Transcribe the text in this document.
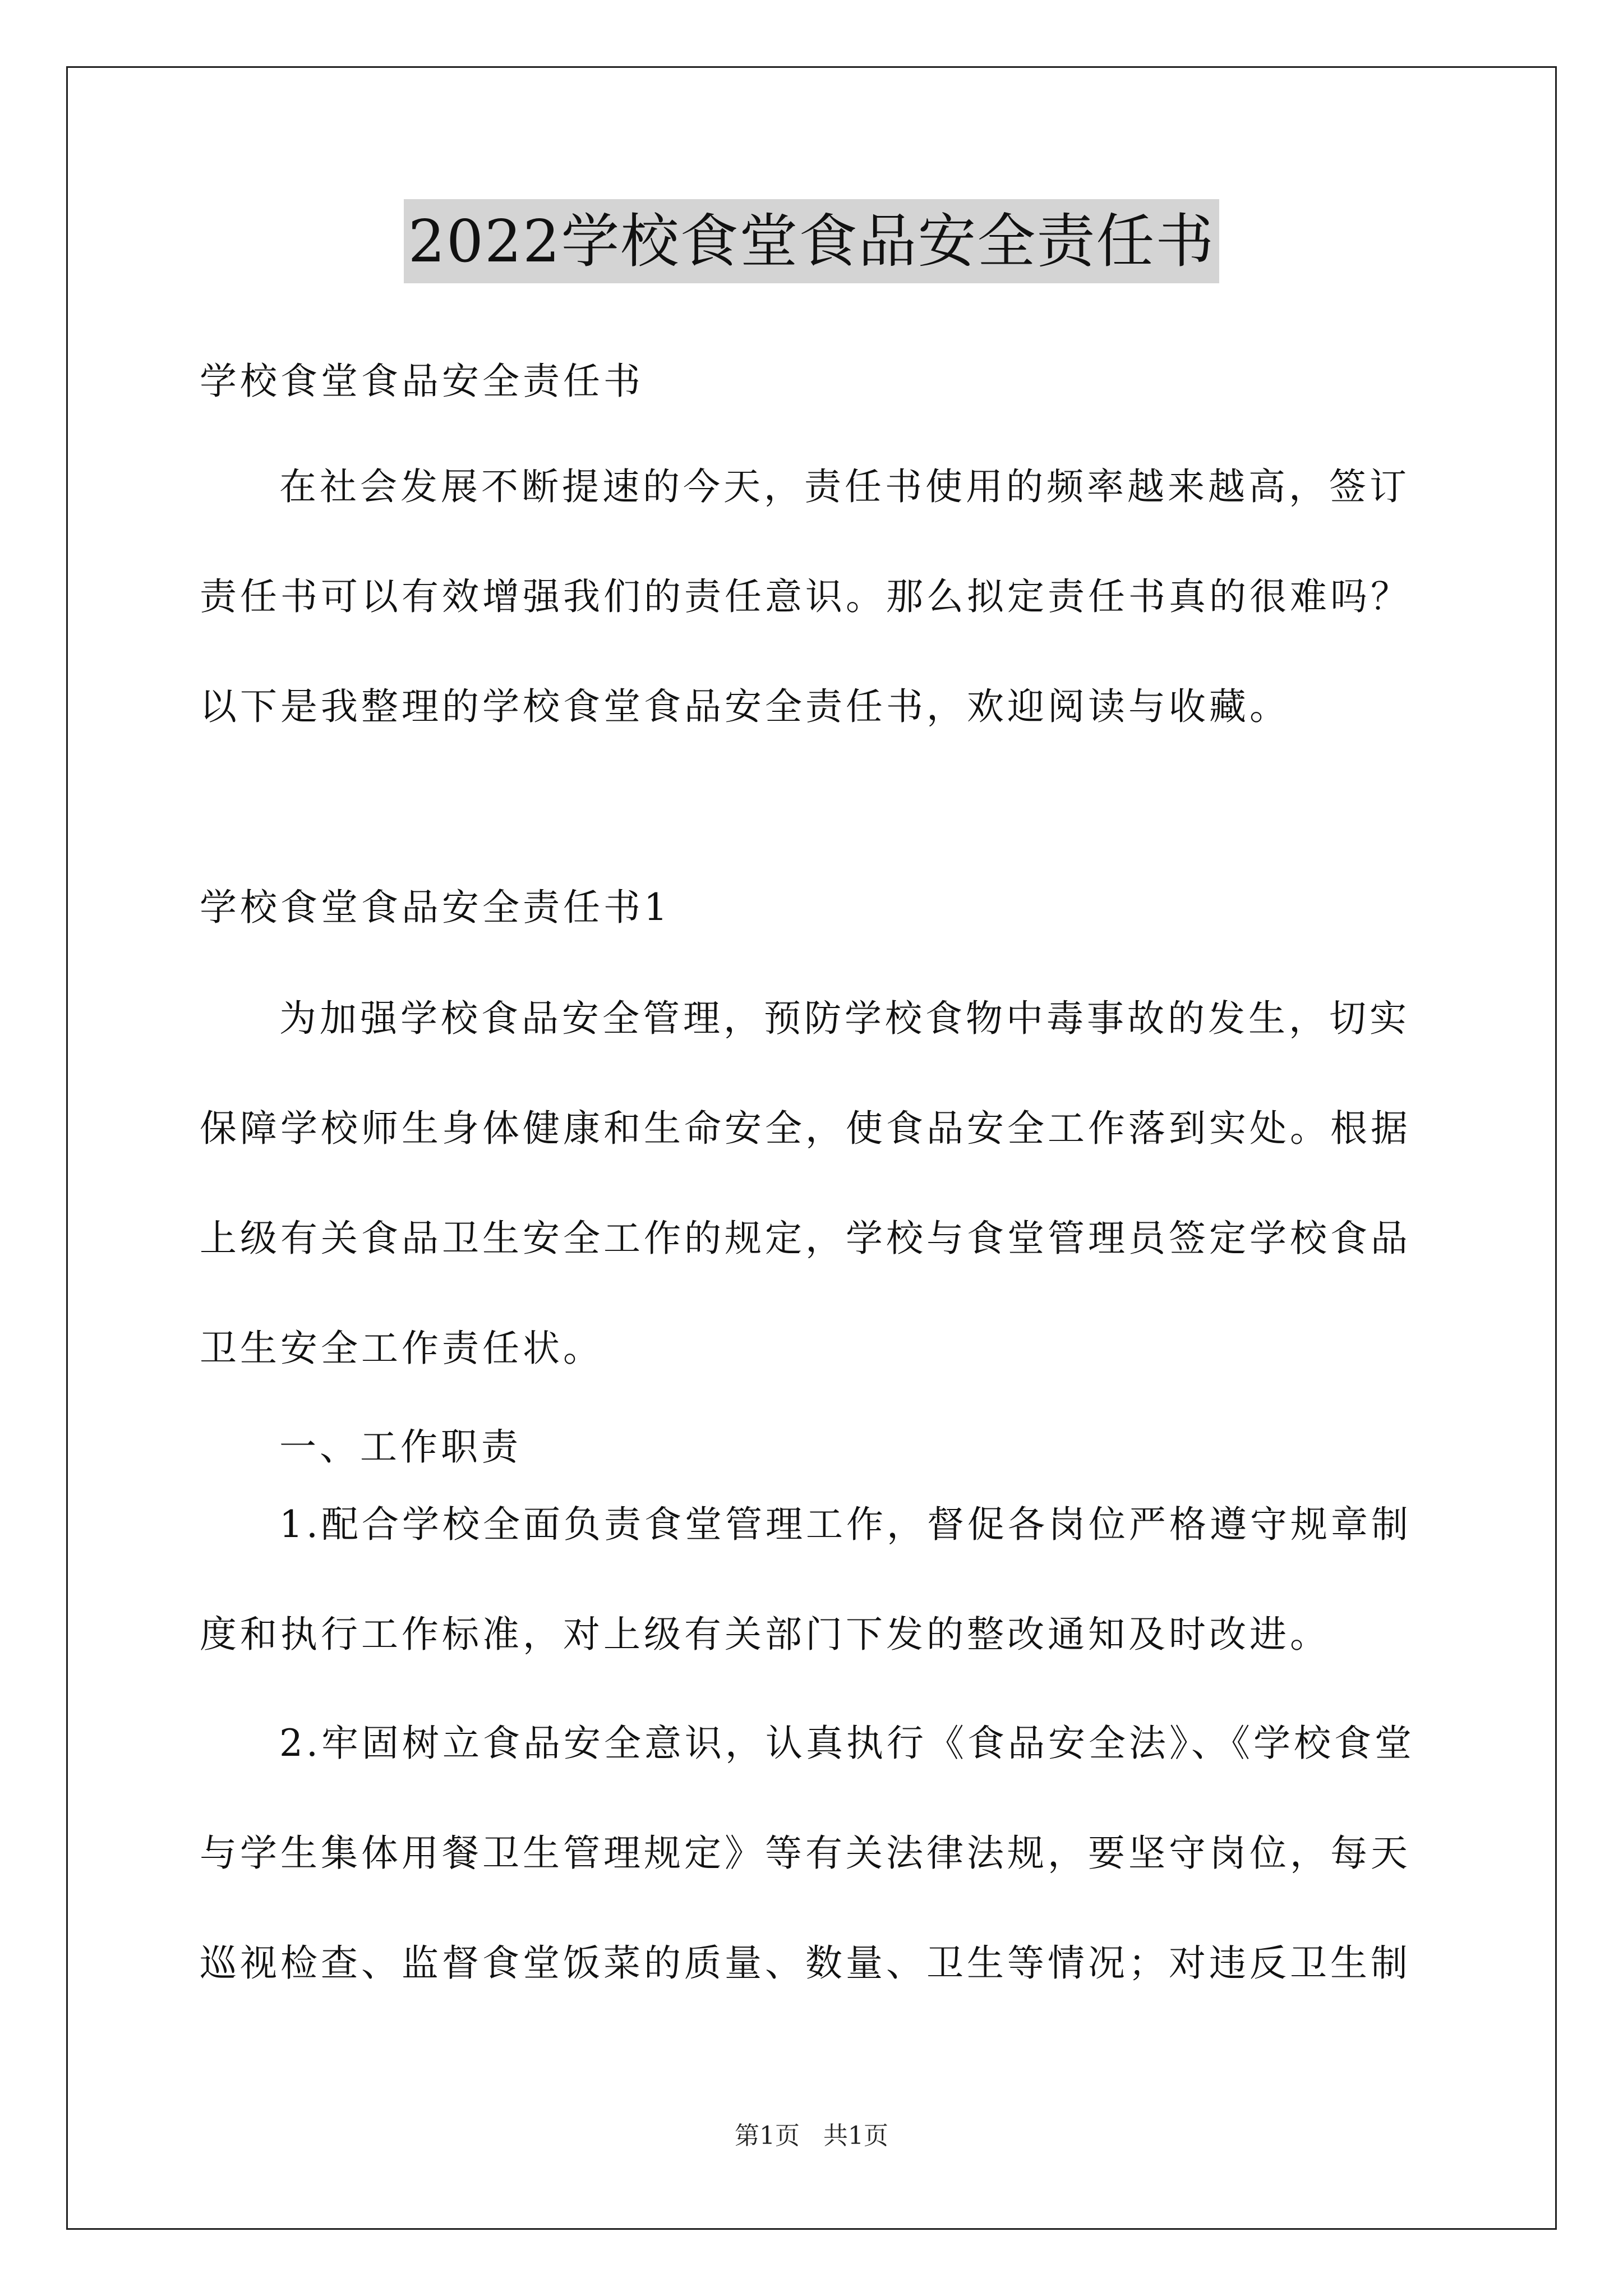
2022学校食堂食品安全责任书
学校食堂食品安全责任书
在社会发展不断提速的今天，责任书使用的频率越来越高，签订责任书可以有效增强我们的责任意识。那么拟定责任书真的很难吗？以下是我整理的学校食堂食品安全责任书，欢迎阅读与收藏。
学校食堂食品安全责任书1
为加强学校食品安全管理，预防学校食物中毒事故的发生，切实保障学校师生身体健康和生命安全，使食品安全工作落到实处。根据上级有关食品卫生安全工作的规定，学校与食堂管理员签定学校食品卫生安全工作责任状。
一、工作职责
1.配合学校全面负责食堂管理工作，督促各岗位严格遵守规章制度和执行工作标准，对上级有关部门下发的整改通知及时改进。
2.牢固树立食品安全意识，认真执行《食品安全法》、《学校食堂与学生集体用餐卫生管理规定》等有关法律法规，要坚守岗位，每天巡视检查、监督食堂饭菜的质量、数量、卫生等情况；对违反卫生制
第1页 共1页
